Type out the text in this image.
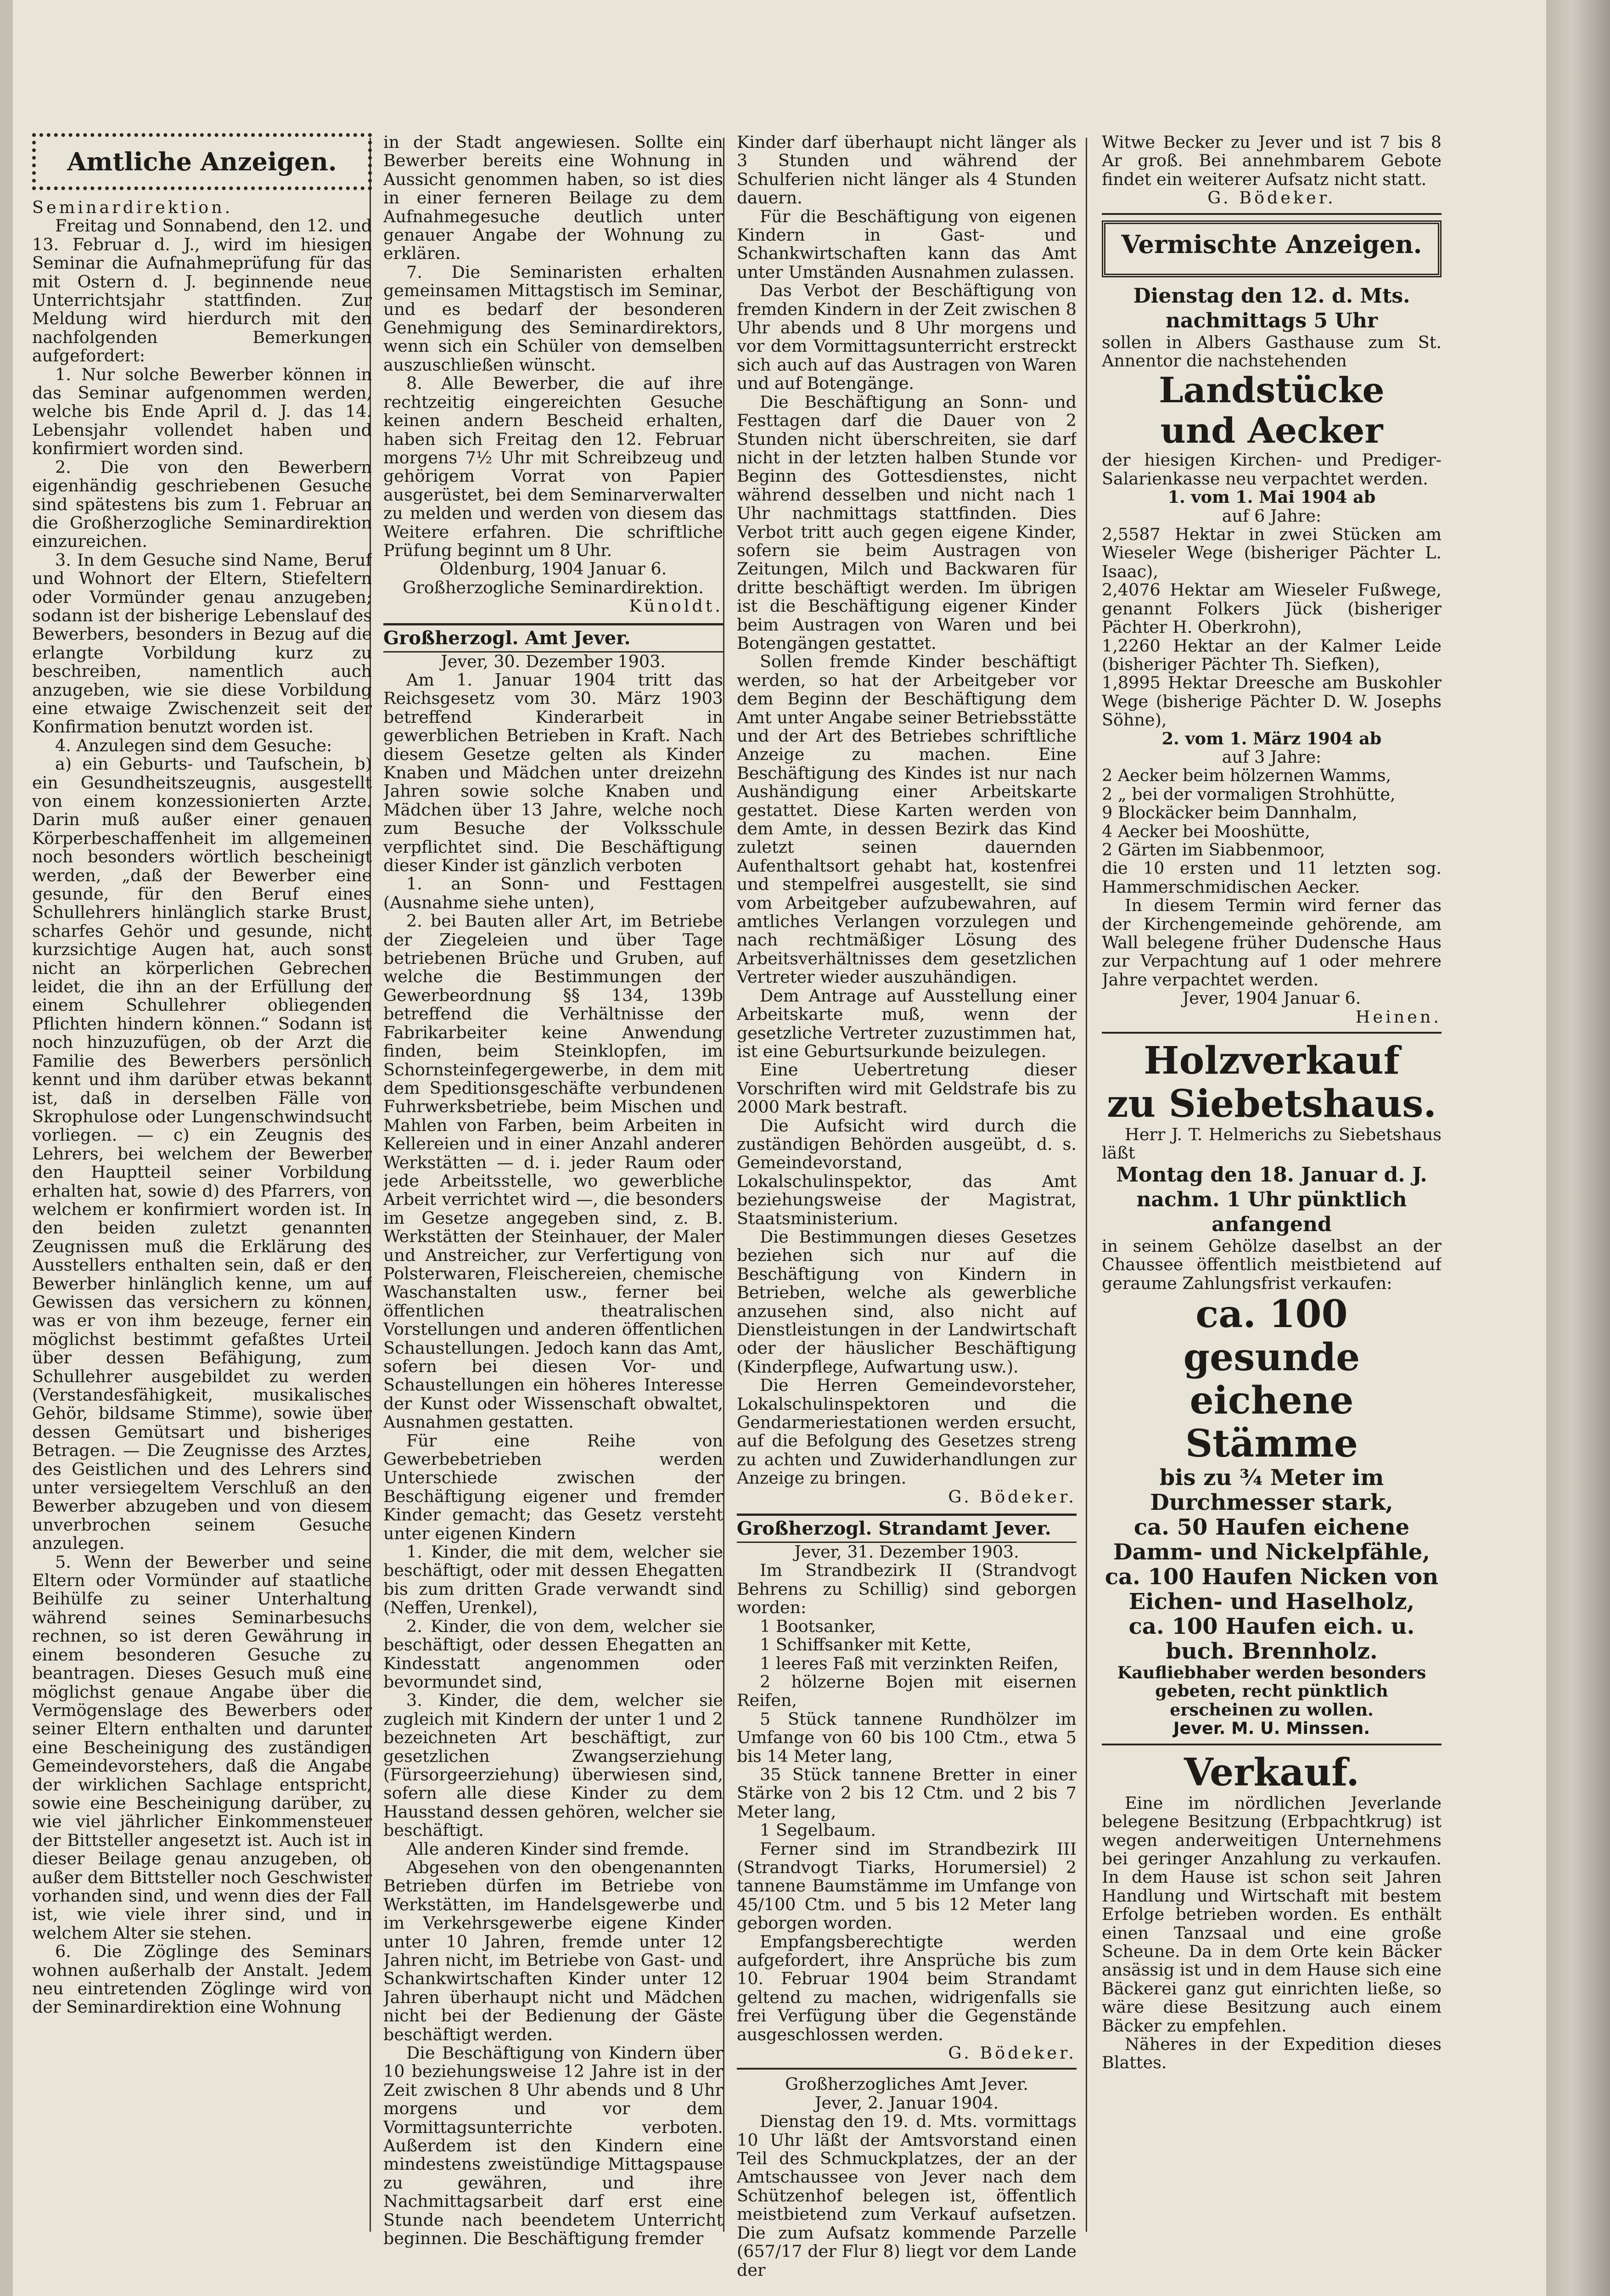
Amtliche Anzeigen.

Seminardirektion.

Freitag und Sonnabend, den 12. und 13. Februar d. J., wird im hiesigen Seminar die Aufnahmeprüfung für das mit Ostern d. J. beginnende neue Unterrichtsjahr stattfinden. Zur Meldung wird hierdurch mit den nachfolgenden Bemerkungen aufgefordert:

1. Nur solche Bewerber können in das Seminar aufgenommen werden, welche bis Ende April d. J. das 14. Lebensjahr vollendet haben und konfirmiert worden sind.

2. Die von den Bewerbern eigenhändig geschriebenen Gesuche sind spätestens bis zum 1. Februar an die Großherzogliche Seminardirektion einzureichen.

3. In dem Gesuche sind Name, Beruf und Wohnort der Eltern, Stiefeltern oder Vormünder genau anzugeben; sodann ist der bisherige Lebenslauf des Bewerbers, besonders in Bezug auf die erlangte Vorbildung kurz zu beschreiben, namentlich auch anzugeben, wie sie diese Vorbildung eine etwaige Zwischenzeit seit der Konfirmation benutzt worden ist.

4. Anzulegen sind dem Gesuche:

a) ein Geburts- und Taufschein, b) ein Gesundheitszeugnis, ausgestellt von einem konzessionierten Arzte. Darin muß außer einer genauen Körperbeschaffenheit im allgemeinen noch besonders wörtlich bescheinigt werden, „daß der Bewerber eine gesunde, für den Beruf eines Schullehrers hinlänglich starke Brust, scharfes Gehör und gesunde, nicht kurzsichtige Augen hat, auch sonst nicht an körperlichen Gebrechen leidet, die ihn an der Erfüllung der einem Schullehrer obliegenden Pflichten hindern können.“ Sodann ist noch hinzuzufügen, ob der Arzt die Familie des Bewerbers persönlich kennt und ihm darüber etwas bekannt ist, daß in derselben Fälle von Skrophulose oder Lungenschwindsucht vorliegen. — c) ein Zeugnis des Lehrers, bei welchem der Bewerber den Hauptteil seiner Vorbildung erhalten hat, sowie d) des Pfarrers, von welchem er konfirmiert worden ist. In den beiden zuletzt genannten Zeugnissen muß die Erklärung des Ausstellers enthalten sein, daß er den Bewerber hinlänglich kenne, um auf Gewissen das versichern zu können, was er von ihm bezeuge, ferner ein möglichst bestimmt gefaßtes Urteil über dessen Befähigung, zum Schullehrer ausgebildet zu werden (Verstandesfähigkeit, musikalisches Gehör, bildsame Stimme), sowie über dessen Gemütsart und bisheriges Betragen. — Die Zeugnisse des Arztes, des Geistlichen und des Lehrers sind unter versiegeltem Verschluß an den Bewerber abzugeben und von diesem unverbrochen seinem Gesuche anzulegen.

5. Wenn der Bewerber und seine Eltern oder Vormünder auf staatliche Beihülfe zu seiner Unterhaltung während seines Seminarbesuchs rechnen, so ist deren Gewährung in einem besonderen Gesuche zu beantragen. Dieses Gesuch muß eine möglichst genaue Angabe über die Vermögenslage des Bewerbers oder seiner Eltern enthalten und darunter eine Bescheinigung des zuständigen Gemeindevorstehers, daß die Angabe der wirklichen Sachlage entspricht, sowie eine Bescheinigung darüber, zu wie viel jährlicher Einkommensteuer der Bittsteller angesetzt ist. Auch ist in dieser Beilage genau anzugeben, ob außer dem Bittsteller noch Geschwister vorhanden sind, und wenn dies der Fall ist, wie viele ihrer sind, und in welchem Alter sie stehen.

6. Die Zöglinge des Seminars wohnen außerhalb der Anstalt. Jedem neu eintretenden Zöglinge wird von der Seminardirektion eine Wohnung

in der Stadt angewiesen. Sollte ein Bewerber bereits eine Wohnung in Aussicht genommen haben, so ist dies in einer ferneren Beilage zu dem Aufnahmegesuche deutlich unter genauer Angabe der Wohnung zu erklären.

7. Die Seminaristen erhalten gemeinsamen Mittagstisch im Seminar, und es bedarf der besonderen Genehmigung des Seminardirektors, wenn sich ein Schüler von demselben auszuschließen wünscht.

8. Alle Bewerber, die auf ihre rechtzeitig eingereichten Gesuche keinen andern Bescheid erhalten, haben sich Freitag den 12. Februar morgens 7½ Uhr mit Schreibzeug und gehörigem Vorrat von Papier ausgerüstet, bei dem Seminarverwalter zu melden und werden von diesem das Weitere erfahren. Die schriftliche Prüfung beginnt um 8 Uhr.

Oldenburg, 1904 Januar 6.

Großherzogliche Seminardirektion.

Künoldt.

Großherzogl. Amt Jever.

Jever, 30. Dezember 1903.

Am 1. Januar 1904 tritt das Reichsgesetz vom 30. März 1903 betreffend Kinderarbeit in gewerblichen Betrieben in Kraft. Nach diesem Gesetze gelten als Kinder Knaben und Mädchen unter dreizehn Jahren sowie solche Knaben und Mädchen über 13 Jahre, welche noch zum Besuche der Volksschule verpflichtet sind. Die Beschäftigung dieser Kinder ist gänzlich verboten

1. an Sonn- und Festtagen (Ausnahme siehe unten),

2. bei Bauten aller Art, im Betriebe der Ziegeleien und über Tage betriebenen Brüche und Gruben, auf welche die Bestimmungen der Gewerbeordnung §§ 134, 139b betreffend die Verhältnisse der Fabrikarbeiter keine Anwendung finden, beim Steinklopfen, im Schornsteinfegergewerbe, in dem mit dem Speditionsgeschäfte verbundenen Fuhrwerksbetriebe, beim Mischen und Mahlen von Farben, beim Arbeiten in Kellereien und in einer Anzahl anderer Werkstätten — d. i. jeder Raum oder jede Arbeitsstelle, wo gewerbliche Arbeit verrichtet wird —, die besonders im Gesetze angegeben sind, z. B. Werkstätten der Steinhauer, der Maler und Anstreicher, zur Verfertigung von Polsterwaren, Fleischereien, chemische Waschanstalten usw., ferner bei öffentlichen theatralischen Vorstellungen und anderen öffentlichen Schaustellungen. Jedoch kann das Amt, sofern bei diesen Vor- und Schaustellungen ein höheres Interesse der Kunst oder Wissenschaft obwaltet, Ausnahmen gestatten.

Für eine Reihe von Gewerbebetrieben werden Unterschiede zwischen der Beschäftigung eigener und fremder Kinder gemacht; das Gesetz versteht unter eigenen Kindern

1. Kinder, die mit dem, welcher sie beschäftigt, oder mit dessen Ehegatten bis zum dritten Grade verwandt sind (Neffen, Urenkel),

2. Kinder, die von dem, welcher sie beschäftigt, oder dessen Ehegatten an Kindesstatt angenommen oder bevormundet sind,

3. Kinder, die dem, welcher sie zugleich mit Kindern der unter 1 und 2 bezeichneten Art beschäftigt, zur gesetzlichen Zwangserziehung (Fürsorgeerziehung) überwiesen sind, sofern alle diese Kinder zu dem Hausstand dessen gehören, welcher sie beschäftigt.

Alle anderen Kinder sind fremde.

Abgesehen von den obengenannten Betrieben dürfen im Betriebe von Werkstätten, im Handelsgewerbe und im Verkehrsgewerbe eigene Kinder unter 10 Jahren, fremde unter 12 Jahren nicht, im Betriebe von Gast- und Schankwirtschaften Kinder unter 12 Jahren überhaupt nicht und Mädchen nicht bei der Bedienung der Gäste beschäftigt werden.

Die Beschäftigung von Kindern über 10 beziehungsweise 12 Jahre ist in der Zeit zwischen 8 Uhr abends und 8 Uhr morgens und vor dem Vormittagsunterrichte verboten. Außerdem ist den Kindern eine mindestens zweistündige Mittagspause zu gewähren, und ihre Nachmittagsarbeit darf erst eine Stunde nach beendetem Unterricht beginnen. Die Beschäftigung fremder

Kinder darf überhaupt nicht länger als 3 Stunden und während der Schulferien nicht länger als 4 Stunden dauern.

Für die Beschäftigung von eigenen Kindern in Gast- und Schankwirtschaften kann das Amt unter Umständen Ausnahmen zulassen.

Das Verbot der Beschäftigung von fremden Kindern in der Zeit zwischen 8 Uhr abends und 8 Uhr morgens und vor dem Vormittagsunterricht erstreckt sich auch auf das Austragen von Waren und auf Botengänge.

Die Beschäftigung an Sonn- und Festtagen darf die Dauer von 2 Stunden nicht überschreiten, sie darf nicht in der letzten halben Stunde vor Beginn des Gottesdienstes, nicht während desselben und nicht nach 1 Uhr nachmittags stattfinden. Dies Verbot tritt auch gegen eigene Kinder, sofern sie beim Austragen von Zeitungen, Milch und Backwaren für dritte beschäftigt werden. Im übrigen ist die Beschäftigung eigener Kinder beim Austragen von Waren und bei Botengängen gestattet.

Sollen fremde Kinder beschäftigt werden, so hat der Arbeitgeber vor dem Beginn der Beschäftigung dem Amt unter Angabe seiner Betriebsstätte und der Art des Betriebes schriftliche Anzeige zu machen. Eine Beschäftigung des Kindes ist nur nach Aushändigung einer Arbeitskarte gestattet. Diese Karten werden von dem Amte, in dessen Bezirk das Kind zuletzt seinen dauernden Aufenthaltsort gehabt hat, kostenfrei und stempelfrei ausgestellt, sie sind vom Arbeitgeber aufzubewahren, auf amtliches Verlangen vorzulegen und nach rechtmäßiger Lösung des Arbeitsverhältnisses dem gesetzlichen Vertreter wieder auszuhändigen.

Dem Antrage auf Ausstellung einer Arbeitskarte muß, wenn der gesetzliche Vertreter zuzustimmen hat, ist eine Geburtsurkunde beizulegen.

Eine Uebertretung dieser Vorschriften wird mit Geldstrafe bis zu 2000 Mark bestraft.

Die Aufsicht wird durch die zuständigen Behörden ausgeübt, d. s. Gemeindevorstand, Lokalschulinspektor, das Amt beziehungsweise der Magistrat, Staatsministerium.

Die Bestimmungen dieses Gesetzes beziehen sich nur auf die Beschäftigung von Kindern in Betrieben, welche als gewerbliche anzusehen sind, also nicht auf Dienstleistungen in der Landwirtschaft oder der häuslicher Beschäftigung (Kinderpflege, Aufwartung usw.).

Die Herren Gemeindevorsteher, Lokalschulinspektoren und die Gendarmeriestationen werden ersucht, auf die Befolgung des Gesetzes streng zu achten und Zuwiderhandlungen zur Anzeige zu bringen.

G. Bödeker.

Großherzogl. Strandamt Jever.

Jever, 31. Dezember 1903.

Im Strandbezirk II (Strandvogt Behrens zu Schillig) sind geborgen worden:

1 Bootsanker,

1 Schiffsanker mit Kette,

1 leeres Faß mit verzinkten Reifen,

2 hölzerne Bojen mit eisernen Reifen,

5 Stück tannene Rundhölzer im Umfange von 60 bis 100 Ctm., etwa 5 bis 14 Meter lang,

35 Stück tannene Bretter in einer Stärke von 2 bis 12 Ctm. und 2 bis 7 Meter lang,

1 Segelbaum.

Ferner sind im Strandbezirk III (Strandvogt Tiarks, Horumersiel) 2 tannene Baumstämme im Umfange von 45/100 Ctm. und 5 bis 12 Meter lang geborgen worden.

Empfangsberechtigte werden aufgefordert, ihre Ansprüche bis zum 10. Februar 1904 beim Strandamt geltend zu machen, widrigenfalls sie frei Verfügung über die Gegenstände ausgeschlossen werden.

G. Bödeker.

Großherzogliches Amt Jever.

Jever, 2. Januar 1904.

Dienstag den 19. d. Mts. vormittags 10 Uhr läßt der Amtsvorstand einen Teil des Schmuckplatzes, der an der Amtschaussee von Jever nach dem Schützenhof belegen ist, öffentlich meistbietend zum Verkauf aufsetzen. Die zum Aufsatz kommende Parzelle (657/17 der Flur 8) liegt vor dem Lande der

Witwe Becker zu Jever und ist 7 bis 8 Ar groß. Bei annehmbarem Gebote findet ein weiterer Aufsatz nicht statt.

G. Bödeker.

Vermischte Anzeigen.

Dienstag den 12. d. Mts. nachmittags 5 Uhr

sollen in Albers Gasthause zum St. Annentor die nachstehenden

Landstücke
und Aecker

der hiesigen Kirchen- und Prediger-Salarienkasse neu verpachtet werden.

1. vom 1. Mai 1904 ab

auf 6 Jahre:

2,5587 Hektar in zwei Stücken am Wieseler Wege (bisheriger Pächter L. Isaac),

2,4076 Hektar am Wieseler Fußwege, genannt Folkers Jück (bisheriger Pächter H. Oberkrohn),

1,2260 Hektar an der Kalmer Leide (bisheriger Pächter Th. Siefken),

1,8995 Hektar Dreesche am Buskohler Wege (bisherige Pächter D. W. Josephs Söhne),

2. vom 1. März 1904 ab

auf 3 Jahre:

2 Aecker beim hölzernen Wamms,

2 „ bei der vormaligen Strohhütte,

9 Blockäcker beim Dannhalm,

4 Aecker bei Mooshütte,

2 Gärten im Siabbenmoor,

die 10 ersten und 11 letzten sog. Hammerschmidischen Aecker.

In diesem Termin wird ferner das der Kirchengemeinde gehörende, am Wall belegene früher Dudensche Haus zur Verpachtung auf 1 oder mehrere Jahre verpachtet werden.

Jever, 1904 Januar 6.

Heinen.

Holzverkauf
zu Siebetshaus.

Herr J. T. Helmerichs zu Siebetshaus läßt

Montag den 18. Januar d. J. nachm. 1 Uhr pünktlich anfangend

in seinem Gehölze daselbst an der Chaussee öffentlich meistbietend auf geraume Zahlungsfrist verkaufen:

ca. 100 gesunde
eichene Stämme

bis zu ¾ Meter im Durchmesser stark,

ca. 50 Haufen eichene Damm- und Nickelpfähle,

ca. 100 Haufen Nicken von Eichen- und Haselholz,

ca. 100 Haufen eich. u. buch. Brennholz.

Kaufliebhaber werden besonders gebeten, recht pünktlich erscheinen zu wollen.

Jever. M. U. Minssen.

Verkauf.

Eine im nördlichen Jeverlande belegene Besitzung (Erbpachtkrug) ist wegen anderweitigen Unternehmens bei geringer Anzahlung zu verkaufen. In dem Hause ist schon seit Jahren Handlung und Wirtschaft mit bestem Erfolge betrieben worden. Es enthält einen Tanzsaal und eine große Scheune. Da in dem Orte kein Bäcker ansässig ist und in dem Hause sich eine Bäckerei ganz gut einrichten ließe, so wäre diese Besitzung auch einem Bäcker zu empfehlen.

Näheres in der Expedition dieses Blattes.
